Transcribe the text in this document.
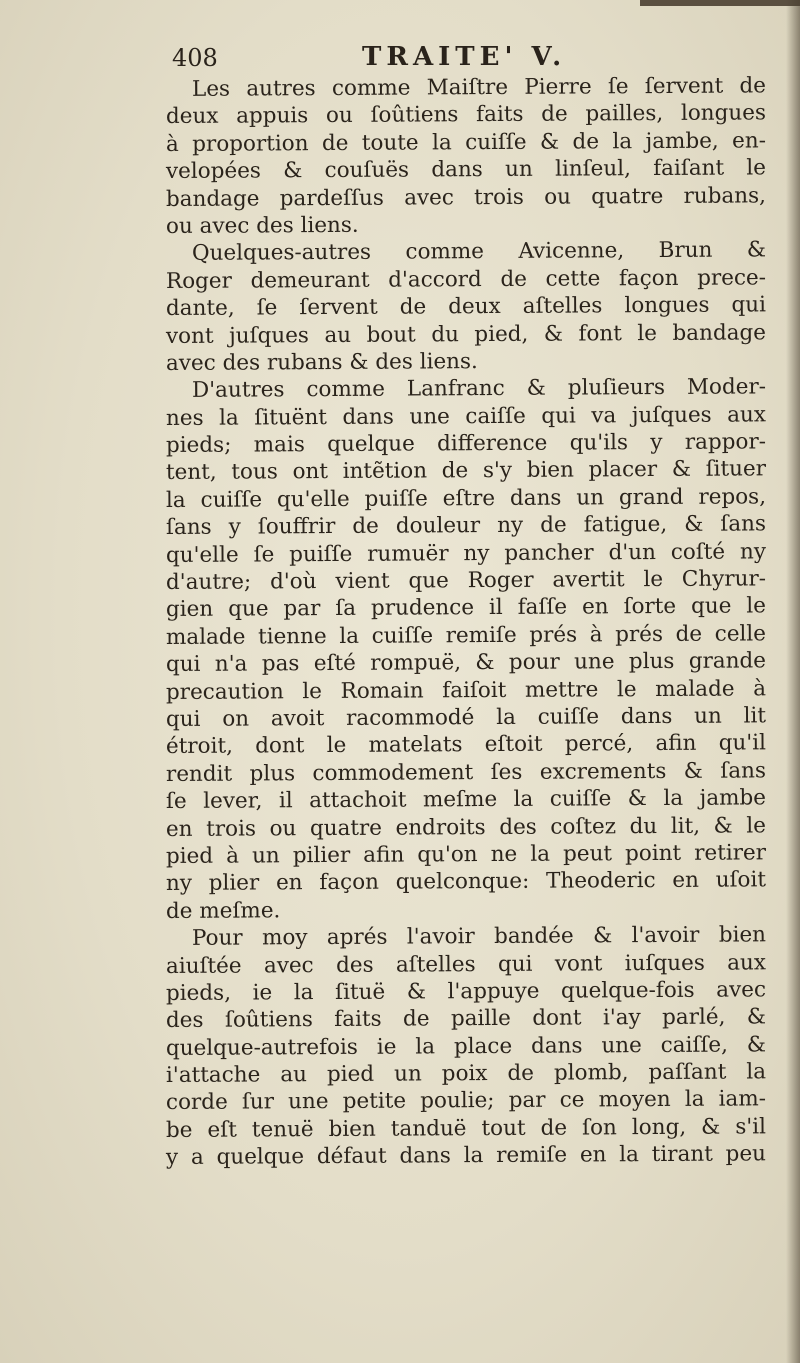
408	TRAITE' V.
Les autres comme Maiſtre Pierre ſe ſervent de
deux appuis ou ſoûtiens faits de pailles, longues
à proportion de toute la cuiſſe & de la jambe, en-
velopées & couſuës dans un linſeul, faiſant le
bandage pardeſſus avec trois ou quatre rubans,
ou avec des liens.
Quelques-autres comme Avicenne, Brun &
Roger demeurant d'accord de cette façon prece-
dante, ſe ſervent de deux aſtelles longues qui
vont juſques au bout du pied, & font le bandage
avec des rubans & des liens.
D'autres comme Lanfranc & pluſieurs Moder-
nes la ſituënt dans une caiſſe qui va juſques aux
pieds; mais quelque difference qu'ils y rappor-
tent, tous ont intẽtion de s'y bien placer & ſituer
la cuiſſe qu'elle puiſſe eſtre dans un grand repos,
ſans y ſouffrir de douleur ny de fatigue, & ſans
qu'elle ſe puiſſe rumuër ny pancher d'un coſté ny
d'autre; d'où vient que Roger avertit le Chyrur-
gien que par ſa prudence il faſſe en ſorte que le
malade tienne la cuiſſe remiſe prés à prés de celle
qui n'a pas eſté rompuë, & pour une plus grande
precaution le Romain faiſoit mettre le malade à
qui on avoit racommodé la cuiſſe dans un lit
étroit, dont le matelats eſtoit percé, afin qu'il
rendit plus commodement ſes excrements & ſans
ſe lever, il attachoit meſme la cuiſſe & la jambe
en trois ou quatre endroits des coſtez du lit, & le
pied à un pilier afin qu'on ne la peut point retirer
ny plier en façon quelconque: Theoderic en uſoit
de meſme.
Pour moy aprés l'avoir bandée & l'avoir bien
aiuſtée avec des aſtelles qui vont iuſques aux
pieds, ie la ſituë & l'appuye quelque-fois avec
des ſoûtiens faits de paille dont i'ay parlé, &
quelque-autrefois ie la place dans une caiſſe, &
i'attache au pied un poix de plomb, paſſant la
corde ſur une petite poulie; par ce moyen la iam-
be eſt tenuë bien tanduë tout de ſon long, & s'il
y a quelque défaut dans la remiſe en la tirant peu
